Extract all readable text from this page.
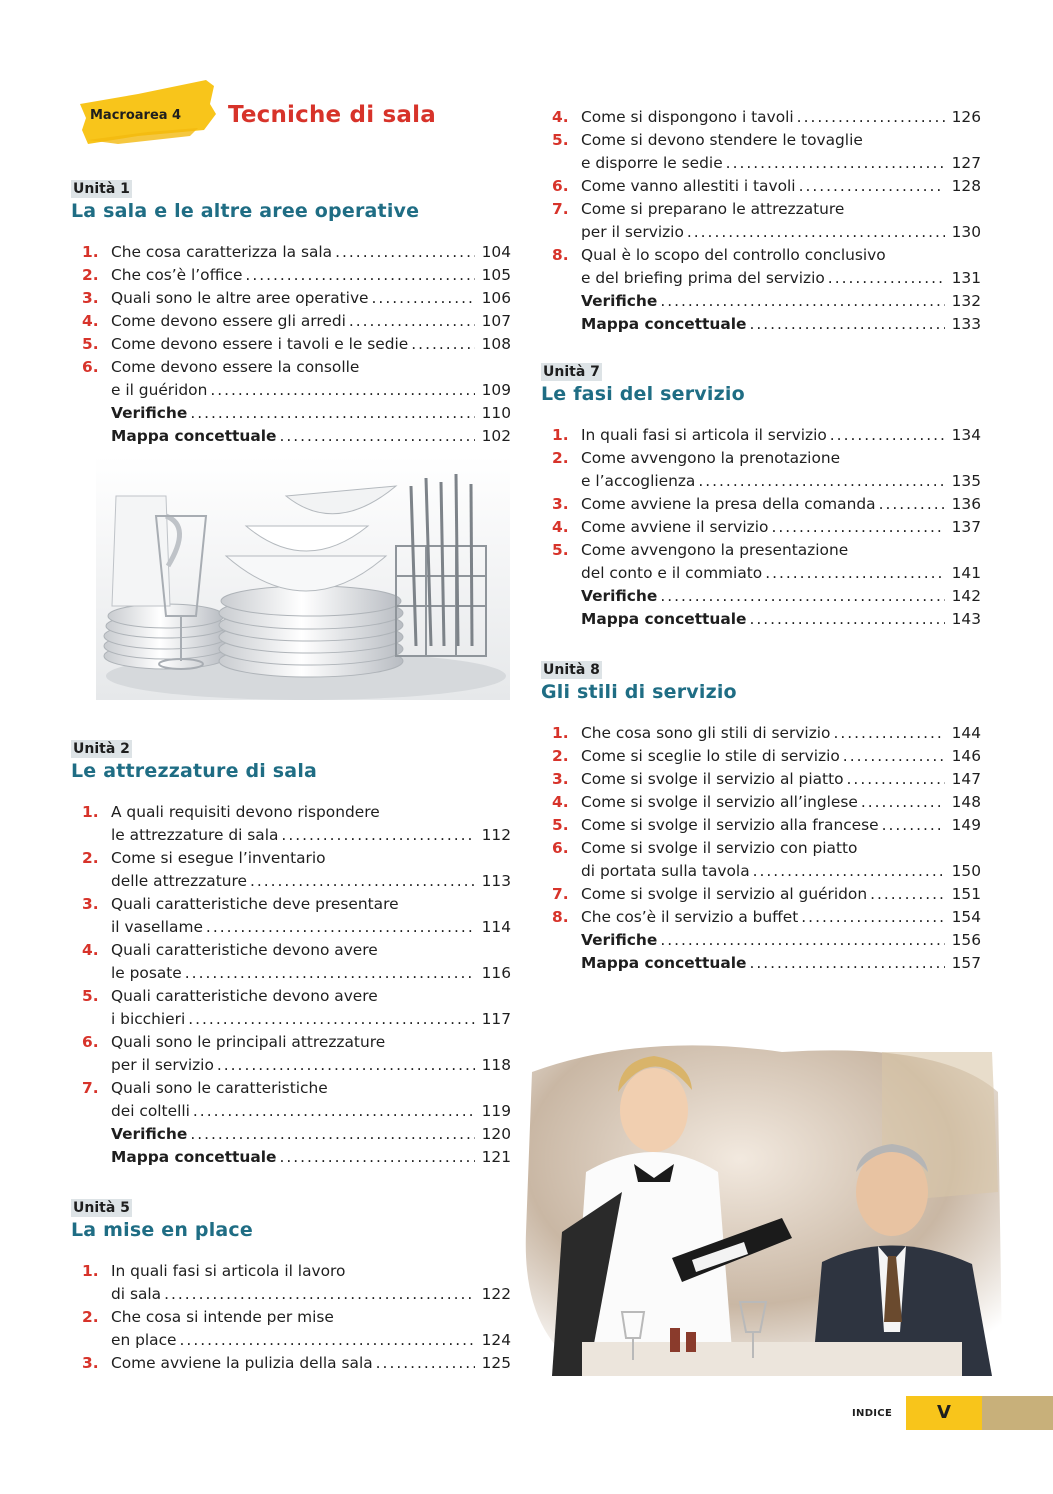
Macroarea 4 Tecniche di sala
Unità 1
La sala e le altre aree operative
1. Che cosa caratterizza la sala .....	104
2. Che cos’è l’office .....	105
3. Quali sono le altre aree operative .....	106
4. Come devono essere gli arredi .....	107
5. Come devono essere i tavoli e le sedie .....	108
6. Come devono essere la consolle
e il guéridon .....	109
Verifiche .....	110
Mappa concettuale .....	102
Unità 2
Le attrezzature di sala
1. A quali requisiti devono rispondere
le attrezzature di sala .....	112
2. Come si esegue l’inventario
delle attrezzature .....	113
3. Quali caratteristiche deve presentare
il vasellame .....	114
4. Quali caratteristiche devono avere
le posate .....	116
5. Quali caratteristiche devono avere
i bicchieri .....	117
6. Quali sono le principali attrezzature
per il servizio .....	118
7. Quali sono le caratteristiche
dei coltelli .....	119
Verifiche .....	120
Mappa concettuale .....	121
Unità 5
La mise en place
1. In quali fasi si articola il lavoro
di sala .....	122
2. Che cosa si intende per mise
en place .....	124
3. Come avviene la pulizia della sala .....	125
4. Come si dispongono i tavoli .....	126
5. Come si devono stendere le tovaglie
e disporre le sedie .....	127
6. Come vanno allestiti i tavoli .....	128
7. Come si preparano le attrezzature
per il servizio .....	130
8. Qual è lo scopo del controllo conclusivo
e del briefing prima del servizio .....	131
Verifiche .....	132
Mappa concettuale .....	133
Unità 7
Le fasi del servizio
1. In quali fasi si articola il servizio .....	134
2. Come avvengono la prenotazione
e l’accoglienza .....	135
3. Come avviene la presa della comanda .....	136
4. Come avviene il servizio .....	137
5. Come avvengono la presentazione
del conto e il commiato .....	141
Verifiche .....	142
Mappa concettuale .....	143
Unità 8
Gli stili di servizio
1. Che cosa sono gli stili di servizio .....	144
2. Come si sceglie lo stile di servizio .....	146
3. Come si svolge il servizio al piatto .....	147
4. Come si svolge il servizio all’inglese .....	148
5. Come si svolge il servizio alla francese .....	149
6. Come si svolge il servizio con piatto
di portata sulla tavola .....	150
7. Come si svolge il servizio al guéridon .....	151
8. Che cos’è il servizio a buffet .....	154
Verifiche .....	156
Mappa concettuale .....	157
INDICE	V
